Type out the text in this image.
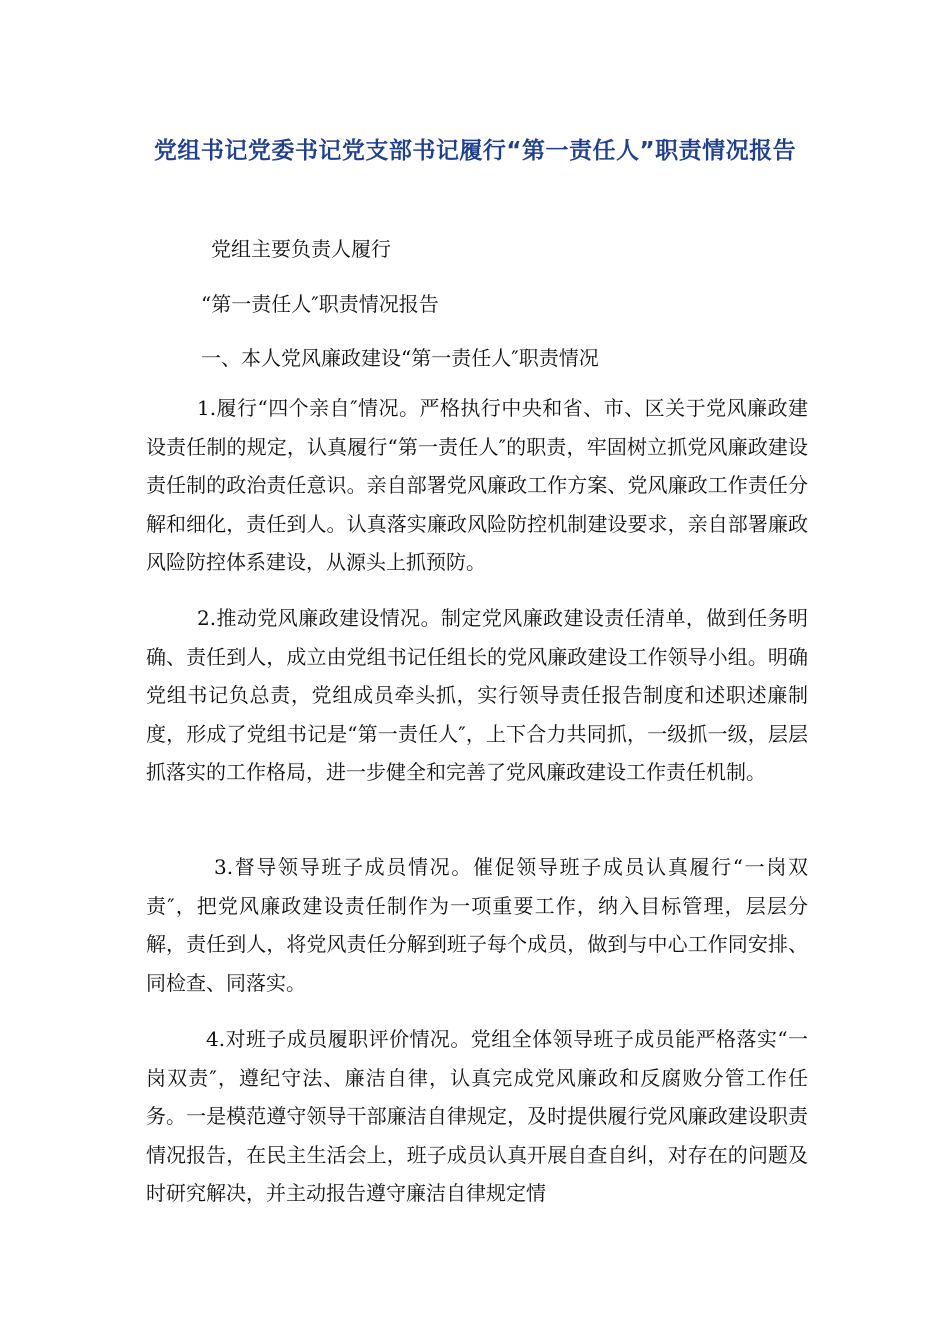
党组书记党委书记党支部书记履行“第一责任人”职责情况报告
党组主要负责人履行
“第一责任人″职责情况报告
一、本人党风廉政建设“第一责任人″职责情况
1.履行“四个亲自″情况。严格执行中央和省、市、区关于党风廉政建设责任制的规定，认真履行“第一责任人″的职责，牢固树立抓党风廉政建设责任制的政治责任意识。亲自部署党风廉政工作方案、党风廉政工作责任分解和细化，责任到人。认真落实廉政风险防控机制建设要求，亲自部署廉政风险防控体系建设，从源头上抓预防。
2.推动党风廉政建设情况。制定党风廉政建设责任清单，做到任务明确、责任到人，成立由党组书记任组长的党风廉政建设工作领导小组。明确党组书记负总责，党组成员牵头抓，实行领导责任报告制度和述职述廉制度，形成了党组书记是“第一责任人″，上下合力共同抓，一级抓一级，层层抓落实的工作格局，进一步健全和完善了党风廉政建设工作责任机制。
3.督导领导班子成员情况。催促领导班子成员认真履行“一岗双责″，把党风廉政建设责任制作为一项重要工作，纳入目标管理，层层分解，责任到人，将党风责任分解到班子每个成员，做到与中心工作同安排、同检查、同落实。
4.对班子成员履职评价情况。党组全体领导班子成员能严格落实“一岗双责″，遵纪守法、廉洁自律，认真完成党风廉政和反腐败分管工作任务。一是模范遵守领导干部廉洁自律规定，及时提供履行党风廉政建设职责情况报告，在民主生活会上，班子成员认真开展自查自纠，对存在的问题及时研究解决，并主动报告遵守廉洁自律规定情
